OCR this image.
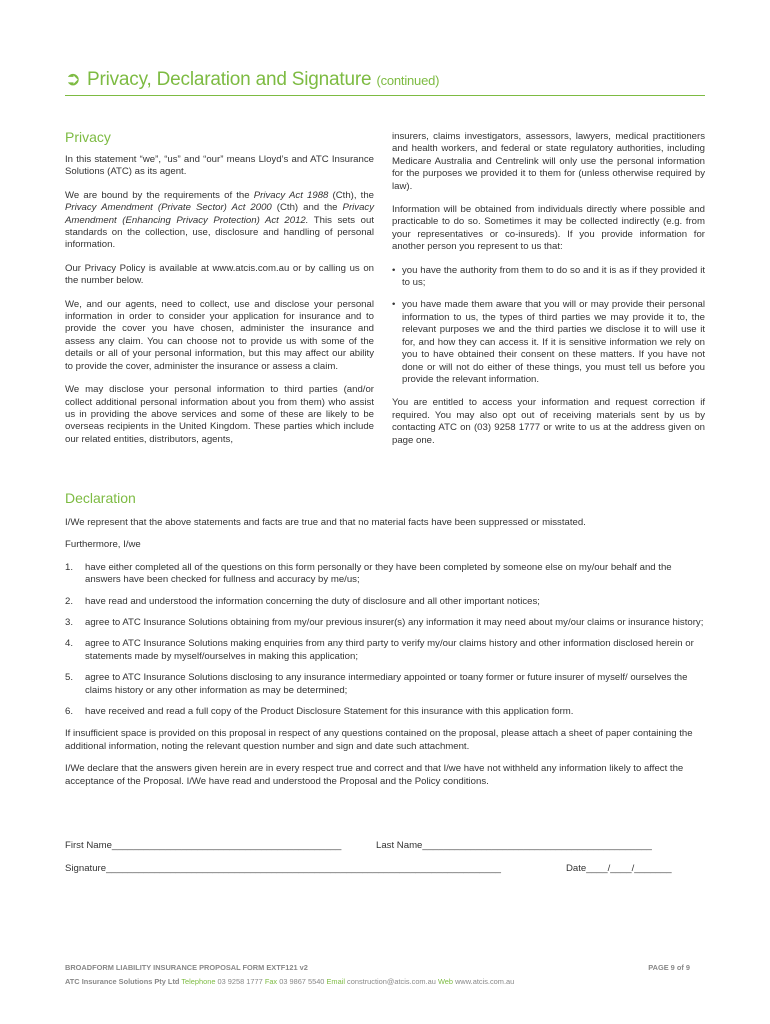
➲ Privacy, Declaration and Signature (continued)
Privacy

In this statement “we”, “us” and “our” means Lloyd’s and ATC Insurance Solutions (ATC) as its agent.

We are bound by the requirements of the Privacy Act 1988 (Cth), the Privacy Amendment (Private Sector) Act 2000 (Cth) and the Privacy Amendment (Enhancing Privacy Protection) Act 2012. This sets out standards on the collection, use, disclosure and handling of personal information.

Our Privacy Policy is available at www.atcis.com.au or by calling us on the number below.

We, and our agents, need to collect, use and disclose your personal information in order to consider your application for insurance and to provide the cover you have chosen, administer the insurance and assess any claim. You can choose not to provide us with some of the details or all of your personal information, but this may affect our ability to provide the cover, administer the insurance or assess a claim.

We may disclose your personal information to third parties (and/or collect additional personal information about you from them) who assist us in providing the above services and some of these are likely to be overseas recipients in the United Kingdom. These parties which include our related entities, distributors, agents,

insurers, claims investigators, assessors, lawyers, medical practitioners and health workers, and federal or state regulatory authorities, including Medicare Australia and Centrelink will only use the personal information for the purposes we provided it to them for (unless otherwise required by law).

Information will be obtained from individuals directly where possible and practicable to do so. Sometimes it may be collected indirectly (e.g. from your representatives or co-insureds). If you provide information for another person you represent to us that:

• you have the authority from them to do so and it is as if they provided it to us;
• you have made them aware that you will or may provide their personal information to us, the types of third parties we may provide it to, the relevant purposes we and the third parties we disclose it to will use it for, and how they can access it. If it is sensitive information we rely on you to have obtained their consent on these matters. If you have not done or will not do either of these things, you must tell us before you provide the relevant information.

You are entitled to access your information and request correction if required. You may also opt out of receiving materials sent by us by contacting ATC on (03) 9258 1777 or write to us at the address given on page one.

Declaration

I/We represent that the above statements and facts are true and that no material facts have been suppressed or misstated.

Furthermore, I/we

1. have either completed all of the questions on this form personally or they have been completed by someone else on my/our behalf and the answers have been checked for fullness and accuracy by me/us;
2. have read and understood the information concerning the duty of disclosure and all other important notices;
3. agree to ATC Insurance Solutions obtaining from my/our previous insurer(s) any information it may need about my/our claims or insurance history;
4. agree to ATC Insurance Solutions making enquiries from any third party to verify my/our claims history and other information disclosed herein or statements made by myself/ourselves in making this application;
5. agree to ATC Insurance Solutions disclosing to any insurance intermediary appointed or toany former or future insurer of myself/ ourselves the claims history or any other information as may be determined;
6. have received and read a full copy of the Product Disclosure Statement for this insurance with this application form.

If insufficient space is provided on this proposal in respect of any questions contained on the proposal, please attach a sheet of paper containing the additional information, noting the relevant question number and sign and date such attachment.

I/We declare that the answers given herein are in every respect true and correct and that I/we have not withheld any information likely to affect the acceptance of the Proposal. I/We have read and understood the Proposal and the Policy conditions.

First Name___________________________________________	Last Name___________________________________________
Signature__________________________________________________________________________	Date____/____/_______
BROADFORM LIABILITY INSURANCE PROPOSAL FORM EXTF121 v2	PAGE 9 of 9
ATC Insurance Solutions Pty Ltd Telephone 03 9258 1777 Fax 03 9867 5540 Email construction@atcis.com.au Web www.atcis.com.au
